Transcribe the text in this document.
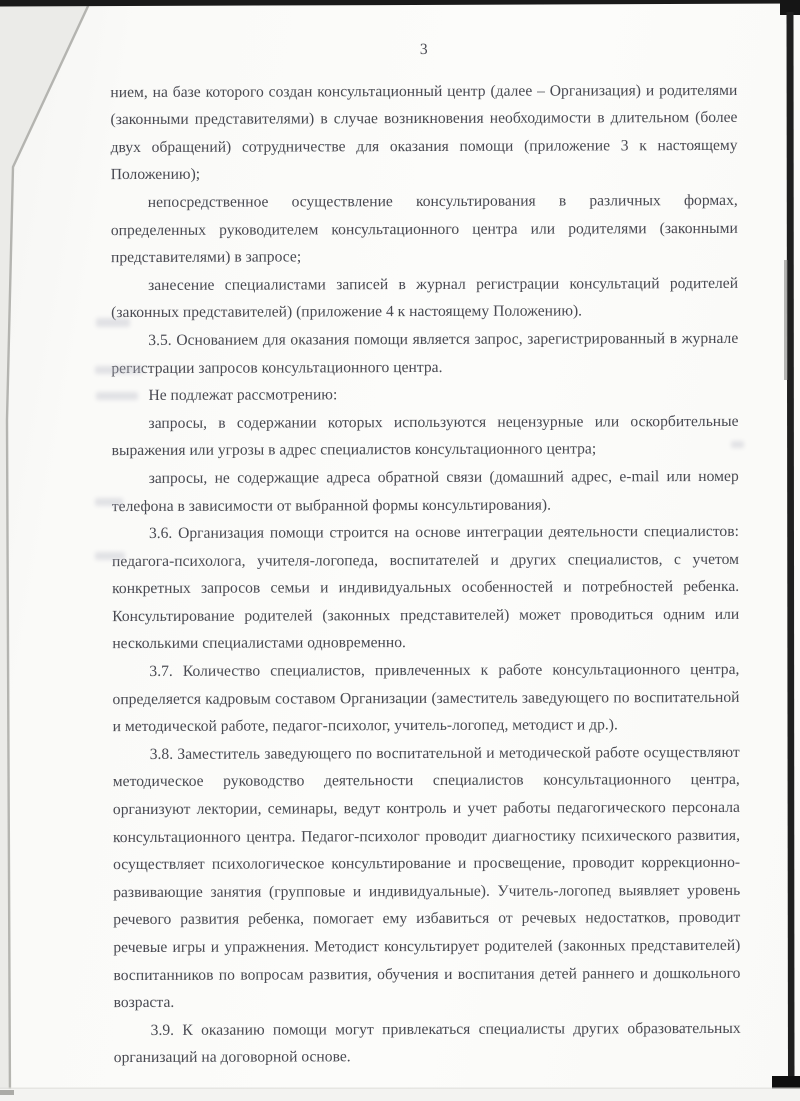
3

нием, на базе которого создан консультационный центр (далее – Организация) и родителями (законными представителями) в случае возникновения необходимости в длительном (более двух обращений) сотрудничестве для оказания помощи (приложение 3 к настоящему Положению);

непосредственное осуществление консультирования в различных формах, определенных руководителем консультационного центра или родителями (законными представителями) в запросе;

занесение специалистами записей в журнал регистрации консультаций родителей (законных представителей) (приложение 4 к настоящему Положению).

3.5. Основанием для оказания помощи является запрос, зарегистрированный в журнале регистрации запросов консультационного центра.

Не подлежат рассмотрению:

запросы, в содержании которых используются нецензурные или оскорбительные выражения или угрозы в адрес специалистов консультационного центра;

запросы, не содержащие адреса обратной связи (домашний адрес, e-mail или номер телефона в зависимости от выбранной формы консультирования).

3.6. Организация помощи строится на основе интеграции деятельности специалистов: педагога-психолога, учителя-логопеда, воспитателей и других специалистов, с учетом конкретных запросов семьи и индивидуальных особенностей и потребностей ребенка. Консультирование родителей (законных представителей) может проводиться одним или несколькими специалистами одновременно.

3.7. Количество специалистов, привлеченных к работе консультационного центра, определяется кадровым составом Организации (заместитель заведующего по воспитательной и методической работе, педагог-психолог, учитель-логопед, методист и др.).

3.8. Заместитель заведующего по воспитательной и методической работе осуществляют методическое руководство деятельности специалистов консультационного центра, организуют лектории, семинары, ведут контроль и учет работы педагогического персонала консультационного центра. Педагог-психолог проводит диагностику психического развития, осуществляет психологическое консультирование и просвещение, проводит коррекционно-развивающие занятия (групповые и индивидуальные). Учитель-логопед выявляет уровень речевого развития ребенка, помогает ему избавиться от речевых недостатков, проводит речевые игры и упражнения. Методист консультирует родителей (законных представителей) воспитанников по вопросам развития, обучения и воспитания детей раннего и дошкольного возраста.

3.9. К оказанию помощи могут привлекаться специалисты других образовательных организаций на договорной основе.
